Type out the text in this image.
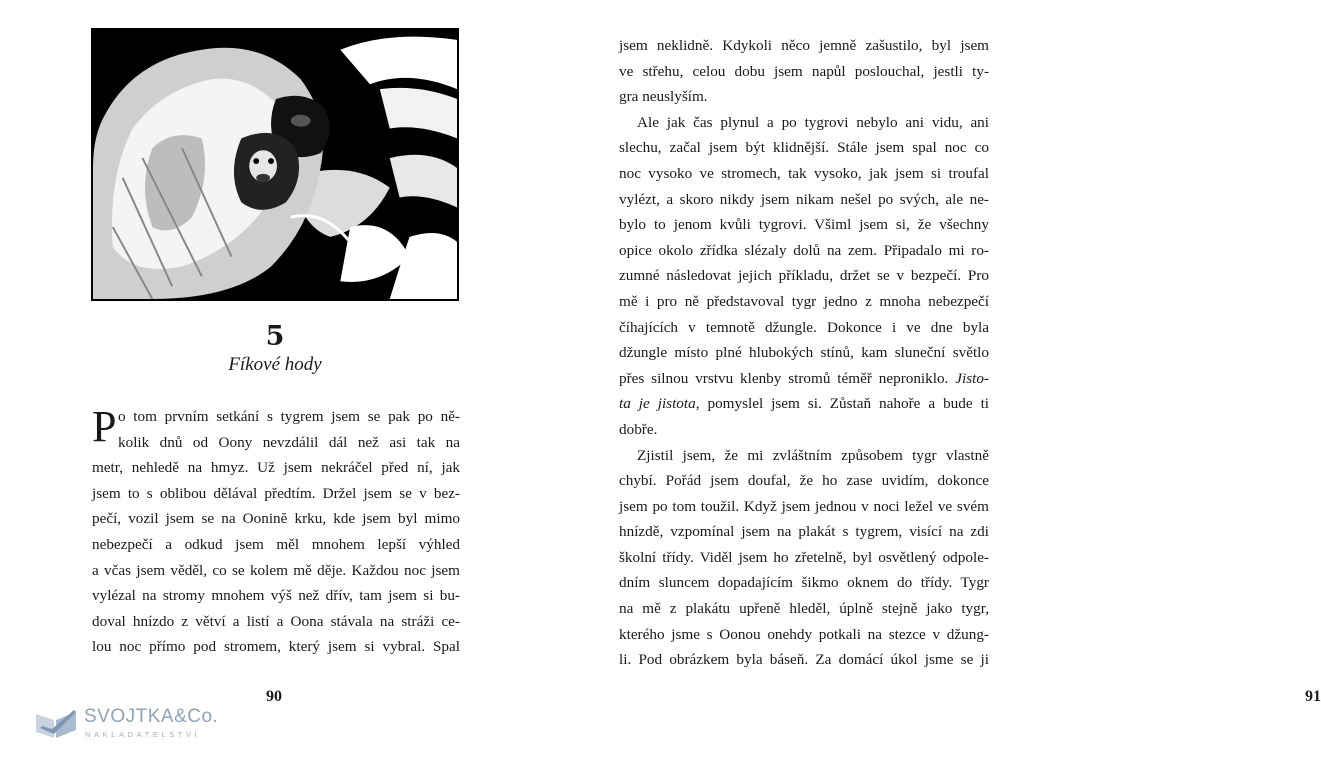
5
Fíkové hody
P o tom prvním setkání s tygrem jsem se pak po ně-
kolik dnů od Oony nevzdálil dál než asi tak na
metr, nehledě na hmyz. Už jsem nekráčel před ní, jak
jsem to s oblibou dělával předtím. Držel jsem se v bez-
pečí, vozil jsem se na Ooninĕ krku, kde jsem byl mimo
nebezpečí a odkud jsem měl mnohem lepší výhled
a včas jsem věděl, co se kolem mě děje. Každou noc jsem
vylézal na stromy mnohem výš než dřív, tam jsem si bu-
doval hnízdo z větví a listí a Oona stávala na stráži ce-
lou noc přímo pod stromem, který jsem si vybral. Spal
90
SVOJTKA&Co.
NAKLADATELSTVÍ
jsem neklidně. Kdykoli něco jemně zašustilo, byl jsem
ve střehu, celou dobu jsem napůl poslouchal, jestli ty-
gra neuslyším.
Ale jak čas plynul a po tygrovi nebylo ani vidu, ani
slechu, začal jsem být klidnější. Stále jsem spal noc co
noc vysoko ve stromech, tak vysoko, jak jsem si troufal
vylézt, a skoro nikdy jsem nikam nešel po svých, ale ne-
bylo to jenom kvůli tygrovi. Všiml jsem si, že všechny
opice okolo zřídka slézaly dolů na zem. Připadalo mi ro-
zumné následovat jejich příkladu, držet se v bezpečí. Pro
mě i pro ně představoval tygr jedno z mnoha nebezpečí
číhajících v temnotě džungle. Dokonce i ve dne byla
džungle místo plné hlubokých stínů, kam sluneční světlo
přes silnou vrstvu klenby stromů téměř neproniklo. Jisto-
ta je jistota, pomyslel jsem si. Zůstaň nahoře a bude ti
dobře.
Zjistil jsem, že mi zvláštním způsobem tygr vlastně
chybí. Pořád jsem doufal, že ho zase uvidím, dokonce
jsem po tom toužil. Když jsem jednou v noci ležel ve svém
hnízdě, vzpomínal jsem na plakát s tygrem, visící na zdi
školní třídy. Viděl jsem ho zřetelně, byl osvětlený odpole-
dním sluncem dopadajícím šikmo oknem do třídy. Tygr
na mě z plakátu upřeně hleděl, úplně stejně jako tygr,
kterého jsme s Oonou onehdy potkali na stezce v džung-
li. Pod obrázkem byla báseň. Za domácí úkol jsme se ji
91
